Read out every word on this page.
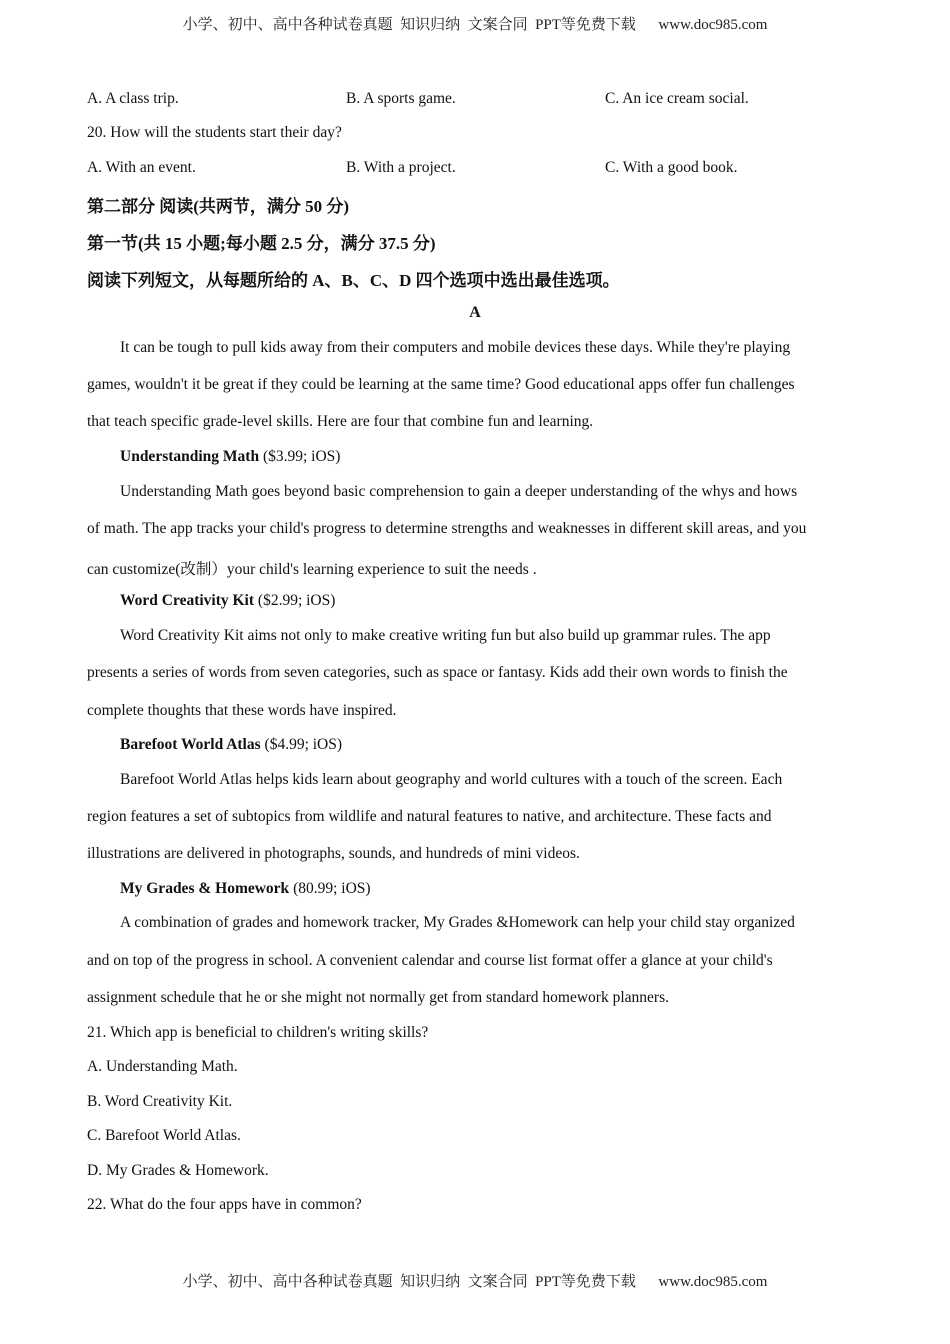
小学、初中、高中各种试卷真题  知识归纳  文案合同  PPT等免费下载 www.doc985.com
A. A class trip.	B. A sports game.	C. An ice cream social.
20. How will the students start their day?
A. With an event.	B. With a project.	C. With a good book.
第二部分 阅读(共两节，满分 50 分)
第一节(共 15 小题;每小题 2.5 分，满分 37.5 分)
阅读下列短文，从每题所给的 A、B、C、D 四个选项中选出最佳选项。
A
It can be tough to pull kids away from their computers and mobile devices these days. While they're playing
games, wouldn't it be great if they could be learning at the same time? Good educational apps offer fun challenges
that teach specific grade-level skills. Here are four that combine fun and learning.
Understanding Math ($3.99; iOS)
Understanding Math goes beyond basic comprehension to gain a deeper understanding of the whys and hows
of math. The app tracks your child's progress to determine strengths and weaknesses in different skill areas, and you
can customize(改制）your child's learning experience to suit the needs .
Word Creativity Kit ($2.99; iOS)
Word Creativity Kit aims not only to make creative writing fun but also build up grammar rules. The app
presents a series of words from seven categories, such as space or fantasy. Kids add their own words to finish the
complete thoughts that these words have inspired.
Barefoot World Atlas ($4.99; iOS)
Barefoot World Atlas helps kids learn about geography and world cultures with a touch of the screen. Each
region features a set of subtopics from wildlife and natural features to native, and architecture. These facts and
illustrations are delivered in photographs, sounds, and hundreds of mini videos.
My Grades & Homework (80.99; iOS)
A combination of grades and homework tracker, My Grades &Homework can help your child stay organized
and on top of the progress in school. A convenient calendar and course list format offer a glance at your child's
assignment schedule that he or she might not normally get from standard homework planners.
21. Which app is beneficial to children's writing skills?
A. Understanding Math.
B. Word Creativity Kit.
C. Barefoot World Atlas.
D. My Grades & Homework.
22. What do the four apps have in common?
小学、初中、高中各种试卷真题  知识归纳  文案合同  PPT等免费下载 www.doc985.com
